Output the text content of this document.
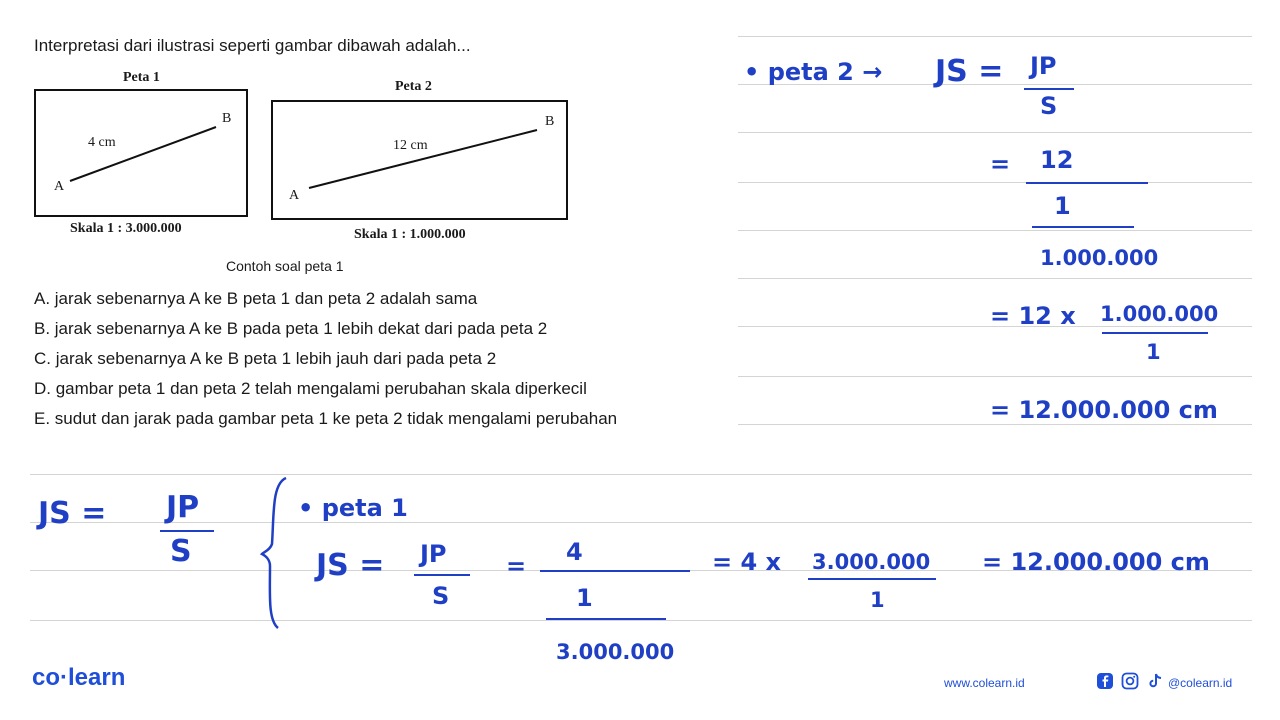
Interpretasi dari ilustrasi seperti gambar dibawah adalah...
Peta 1
4 cm
B
A
Skala 1 : 3.000.000
Peta 2
12 cm
B
A
Skala 1 : 1.000.000
Contoh soal peta 1
A. jarak sebenarnya A ke B peta 1 dan peta 2 adalah sama
B. jarak sebenarnya A ke B pada peta 1 lebih dekat dari pada peta 2
C. jarak sebenarnya A ke B peta 1 lebih jauh dari pada peta 2
D. gambar peta 1 dan peta 2 telah mengalami perubahan skala diperkecil
E. sudut dan jarak pada gambar peta 1 ke peta 2 tidak mengalami perubahan
• peta 2 → JS = JP
S
= 12
1
1.000.000
= 12 x 1.000.000
1
= 12.000.000 cm
JS = JP
S
• peta 1
JS = JP
S
= 4
1
3.000.000
= 4 x 3.000.000
1
= 12.000.000 cm
co·learn	www.colearn.id	@colearn.id
